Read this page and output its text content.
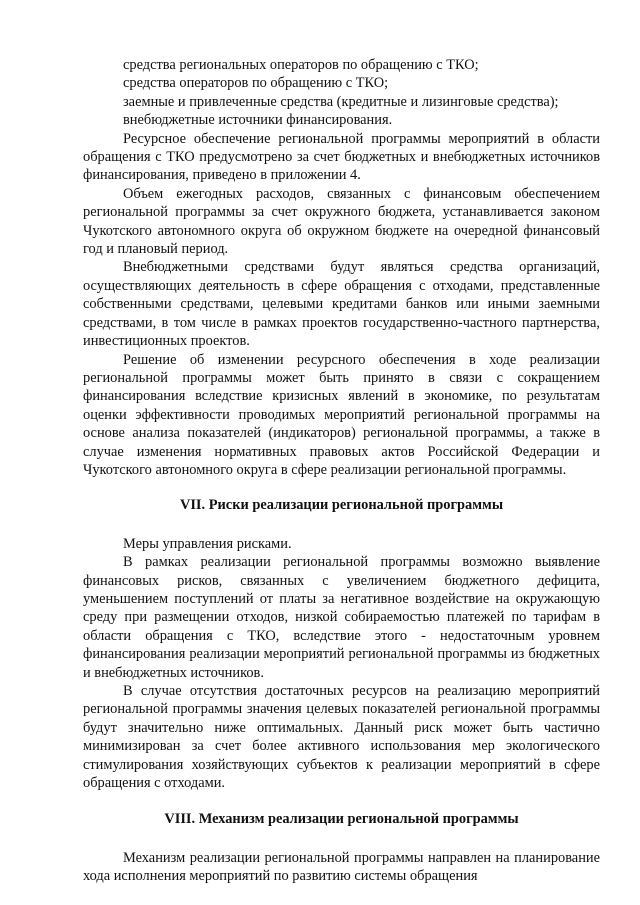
средства региональных операторов по обращению с ТКО;

средства операторов по обращению с ТКО;

заемные и привлеченные средства (кредитные и лизинговые средства);

внебюджетные источники финансирования.

Ресурсное обеспечение региональной программы мероприятий в области обращения с ТКО предусмотрено за счет бюджетных и внебюджетных источников финансирования, приведено в приложении 4.

Объем ежегодных расходов, связанных с финансовым обеспечением региональной программы за счет окружного бюджета, устанавливается законом Чукотского автономного округа об окружном бюджете на очередной финансовый год и плановый период.

Внебюджетными средствами будут являться средства организаций, осуществляющих деятельность в сфере обращения с отходами, представленные собственными средствами, целевыми кредитами банков или иными заемными средствами, в том числе в рамках проектов государственно-частного партнерства, инвестиционных проектов.

Решение об изменении ресурсного обеспечения в ходе реализации региональной программы может быть принято в связи с сокращением финансирования вследствие кризисных явлений в экономике, по результатам оценки эффективности проводимых мероприятий региональной программы на основе анализа показателей (индикаторов) региональной программы, а также в случае изменения нормативных правовых актов Российской Федерации и Чукотского автономного округа в сфере реализации региональной программы.

VII. Риски реализации региональной программы

Меры управления рисками.

В рамках реализации региональной программы возможно выявление финансовых рисков, связанных с увеличением бюджетного дефицита, уменьшением поступлений от платы за негативное воздействие на окружающую среду при размещении отходов, низкой собираемостью платежей по тарифам в области обращения с ТКО, вследствие этого - недостаточным уровнем финансирования реализации мероприятий региональной программы из бюджетных и внебюджетных источников.

В случае отсутствия достаточных ресурсов на реализацию мероприятий региональной программы значения целевых показателей региональной программы будут значительно ниже оптимальных. Данный риск может быть частично минимизирован за счет более активного использования мер экологического стимулирования хозяйствующих субъектов к реализации мероприятий в сфере обращения с отходами.

VIII. Механизм реализации региональной программы

Механизм реализации региональной программы направлен на планирование хода исполнения мероприятий по развитию системы обращения
